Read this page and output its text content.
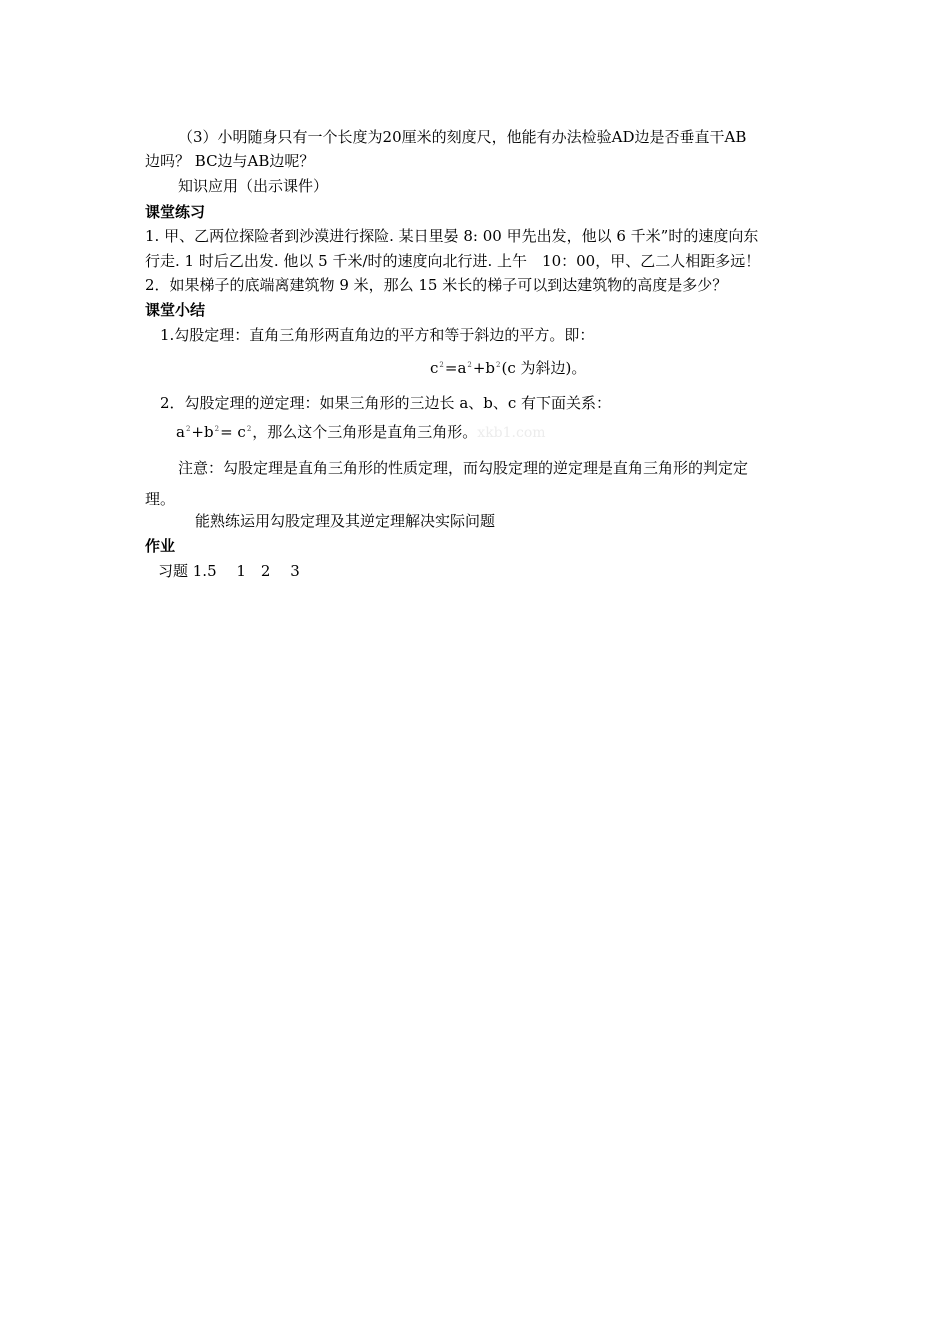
（3）小明随身只有一个长度为20厘米的刻度尺，他能有办法检验AD边是否垂直干AB
边吗？ BC边与AB边呢？
知识应用（出示课件）
课堂练习
1. 甲、乙两位探险者到沙漠进行探险. 某日里晏 8: 00 甲先出发，他以 6 千米”时的速度向东
行走. 1 时后乙出发. 他以 5 千米/时的速度向北行进. 上午　10：00，甲、乙二人相距多远！
2．如果梯子的底端离建筑物 9 米，那么 15 米长的梯子可以到达建筑物的高度是多少？
课堂小结
1.勾股定理：直角三角形两直角边的平方和等于斜边的平方。即：
$c^2=a^2+b^2(c$ 为斜边)。
2．勾股定理的逆定理：如果三角形的三边长 a、b、c 有下面关系：
$a^2+b^2= c^2$，那么这个三角形是直角三角形。xkb1.com
注意：勾股定理是直角三角形的性质定理，而勾股定理的逆定理是直角三角形的判定定
理。
能熟练运用勾股定理及其逆定理解决实际问题
作业
习题 1.5　 1　2　 3
